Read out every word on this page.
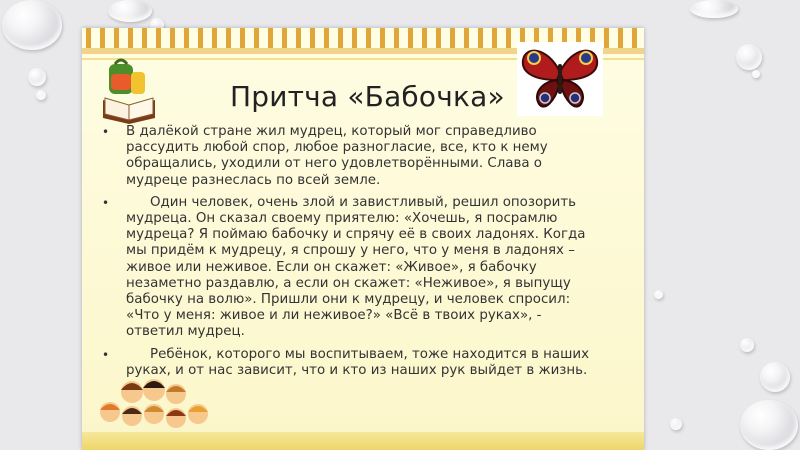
Притча «Бабочка»
• В далёкой стране жил мудрец, который мог справедливо рассудить любой спор, любое разногласие, все, кто к нему обращались, уходили от него удовлетворёнными. Слава о мудреце разнеслась по всей земле.
•	Один человек, очень злой и завистливый, решил опозорить мудреца. Он сказал своему приятелю: «Хочешь, я посрамлю мудреца? Я поймаю бабочку и спрячу её в своих ладонях. Когда мы придём к мудрецу, я спрошу у него, что у меня в ладонях – живое или неживое. Если он скажет: «Живое», я бабочку незаметно раздавлю, а если он скажет: «Неживое», я выпущу бабочку на волю». Пришли они к мудрецу, и человек спросил: «Что у меня: живое и ли неживое?» «Всё в твоих руках», - ответил мудрец.
•	Ребёнок, которого мы воспитываем, тоже находится в наших руках, и от нас зависит, что и кто из наших рук выйдет в жизнь.
